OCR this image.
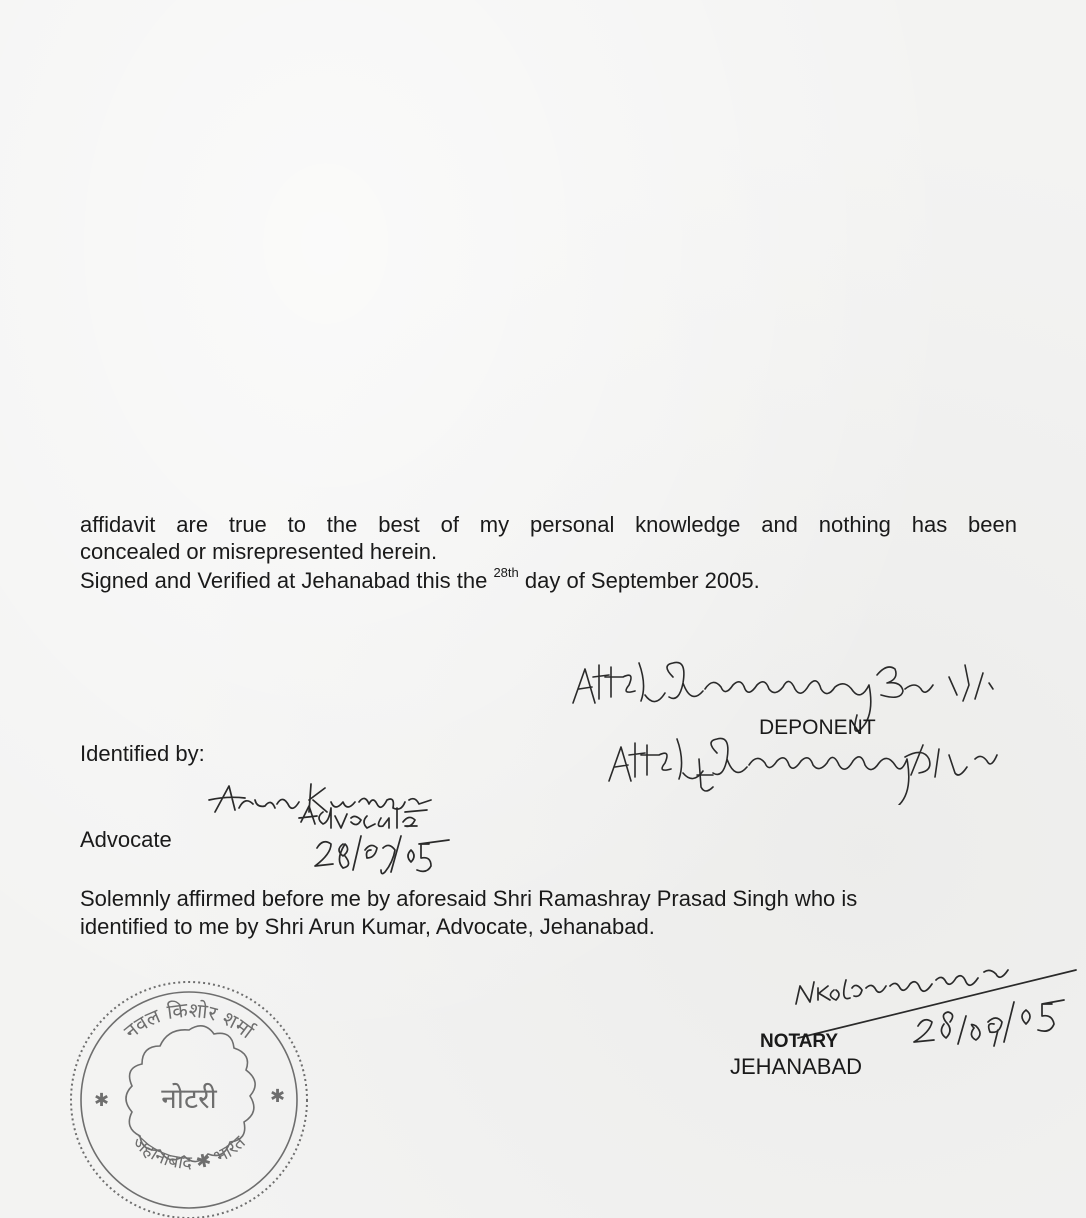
affidavit are true to the best of my personal knowledge and nothing has been
concealed or misrepresented herein.
Signed and Verified at Jehanabad this the $^{28th}$ day of September 2005.
DEPONENT
Identified by:
Advocate
Solemnly affirmed before me by aforesaid Shri Ramashray Prasad Singh who is
identified to me by Shri Arun Kumar, Advocate, Jehanabad.
NOTARY
JEHANABAD
नवल किशोर शर्मा
जहानाबाद ✱ भारत
नोटरी
✱	✱
